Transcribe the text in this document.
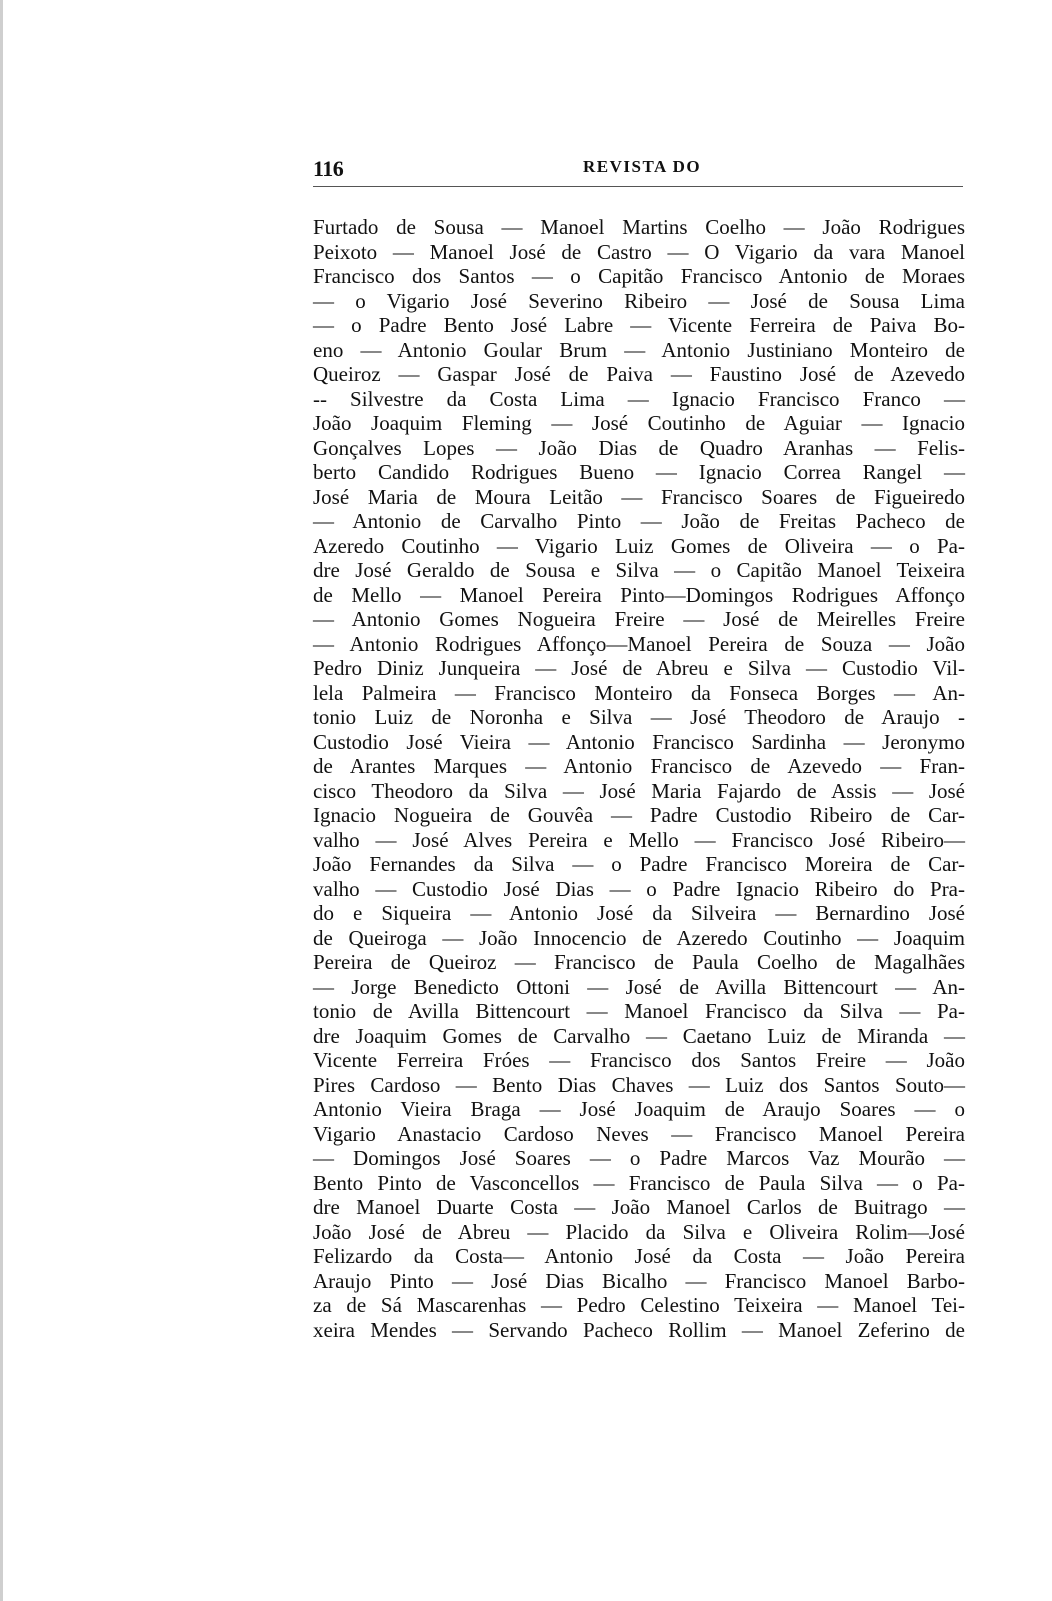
116	REVISTA DO
Furtado de Sousa — Manoel Martins Coelho — João Rodrigues
Peixoto — Manoel José de Castro — O Vigario da vara Manoel
Francisco dos Santos — o Capitão Francisco Antonio de Moraes
— o Vigario José Severino Ribeiro — José de Sousa Lima
— o Padre Bento José Labre — Vicente Ferreira de Paiva Bo-
eno — Antonio Goular Brum — Antonio Justiniano Monteiro de
Queiroz — Gaspar José de Paiva — Faustino José de Azevedo
-- Silvestre da Costa Lima — Ignacio Francisco Franco —
João Joaquim Fleming — José Coutinho de Aguiar — Ignacio
Gonçalves Lopes — João Dias de Quadro Aranhas — Felis-
berto Candido Rodrigues Bueno — Ignacio Correa Rangel —
José Maria de Moura Leitão — Francisco Soares de Figueiredo
— Antonio de Carvalho Pinto — João de Freitas Pacheco de
Azeredo Coutinho — Vigario Luiz Gomes de Oliveira — o Pa-
dre José Geraldo de Sousa e Silva — o Capitão Manoel Teixeira
de Mello — Manoel Pereira Pinto—Domingos Rodrigues Affonço
— Antonio Gomes Nogueira Freire — José de Meirelles Freire
— Antonio Rodrigues Affonço—Manoel Pereira de Souza — João
Pedro Diniz Junqueira — José de Abreu e Silva — Custodio Vil-
lela Palmeira — Francisco Monteiro da Fonseca Borges — An-
tonio Luiz de Noronha e Silva — José Theodoro de Araujo -
Custodio José Vieira — Antonio Francisco Sardinha — Jeronymo
de Arantes Marques — Antonio Francisco de Azevedo — Fran-
cisco Theodoro da Silva — José Maria Fajardo de Assis — José
Ignacio Nogueira de Gouvêa — Padre Custodio Ribeiro de Car-
valho — José Alves Pereira e Mello — Francisco José Ribeiro—
João Fernandes da Silva — o Padre Francisco Moreira de Car-
valho — Custodio José Dias — o Padre Ignacio Ribeiro do Pra-
do e Siqueira — Antonio José da Silveira — Bernardino José
de Queiroga — João Innocencio de Azeredo Coutinho — Joaquim
Pereira de Queiroz — Francisco de Paula Coelho de Magalhães
— Jorge Benedicto Ottoni — José de Avilla Bittencourt — An-
tonio de Avilla Bittencourt — Manoel Francisco da Silva — Pa-
dre Joaquim Gomes de Carvalho — Caetano Luiz de Miranda —
Vicente Ferreira Fróes — Francisco dos Santos Freire — João
Pires Cardoso — Bento Dias Chaves — Luiz dos Santos Souto—
Antonio Vieira Braga — José Joaquim de Araujo Soares — o
Vigario Anastacio Cardoso Neves — Francisco Manoel Pereira
— Domingos José Soares — o Padre Marcos Vaz Mourão —
Bento Pinto de Vasconcellos — Francisco de Paula Silva — o Pa-
dre Manoel Duarte Costa — João Manoel Carlos de Buitrago —
João José de Abreu — Placido da Silva e Oliveira Rolim—José
Felizardo da Costa— Antonio José da Costa — João Pereira
Araujo Pinto — José Dias Bicalho — Francisco Manoel Barbo-
za de Sá Mascarenhas — Pedro Celestino Teixeira — Manoel Tei-
xeira Mendes — Servando Pacheco Rollim — Manoel Zeferino de
